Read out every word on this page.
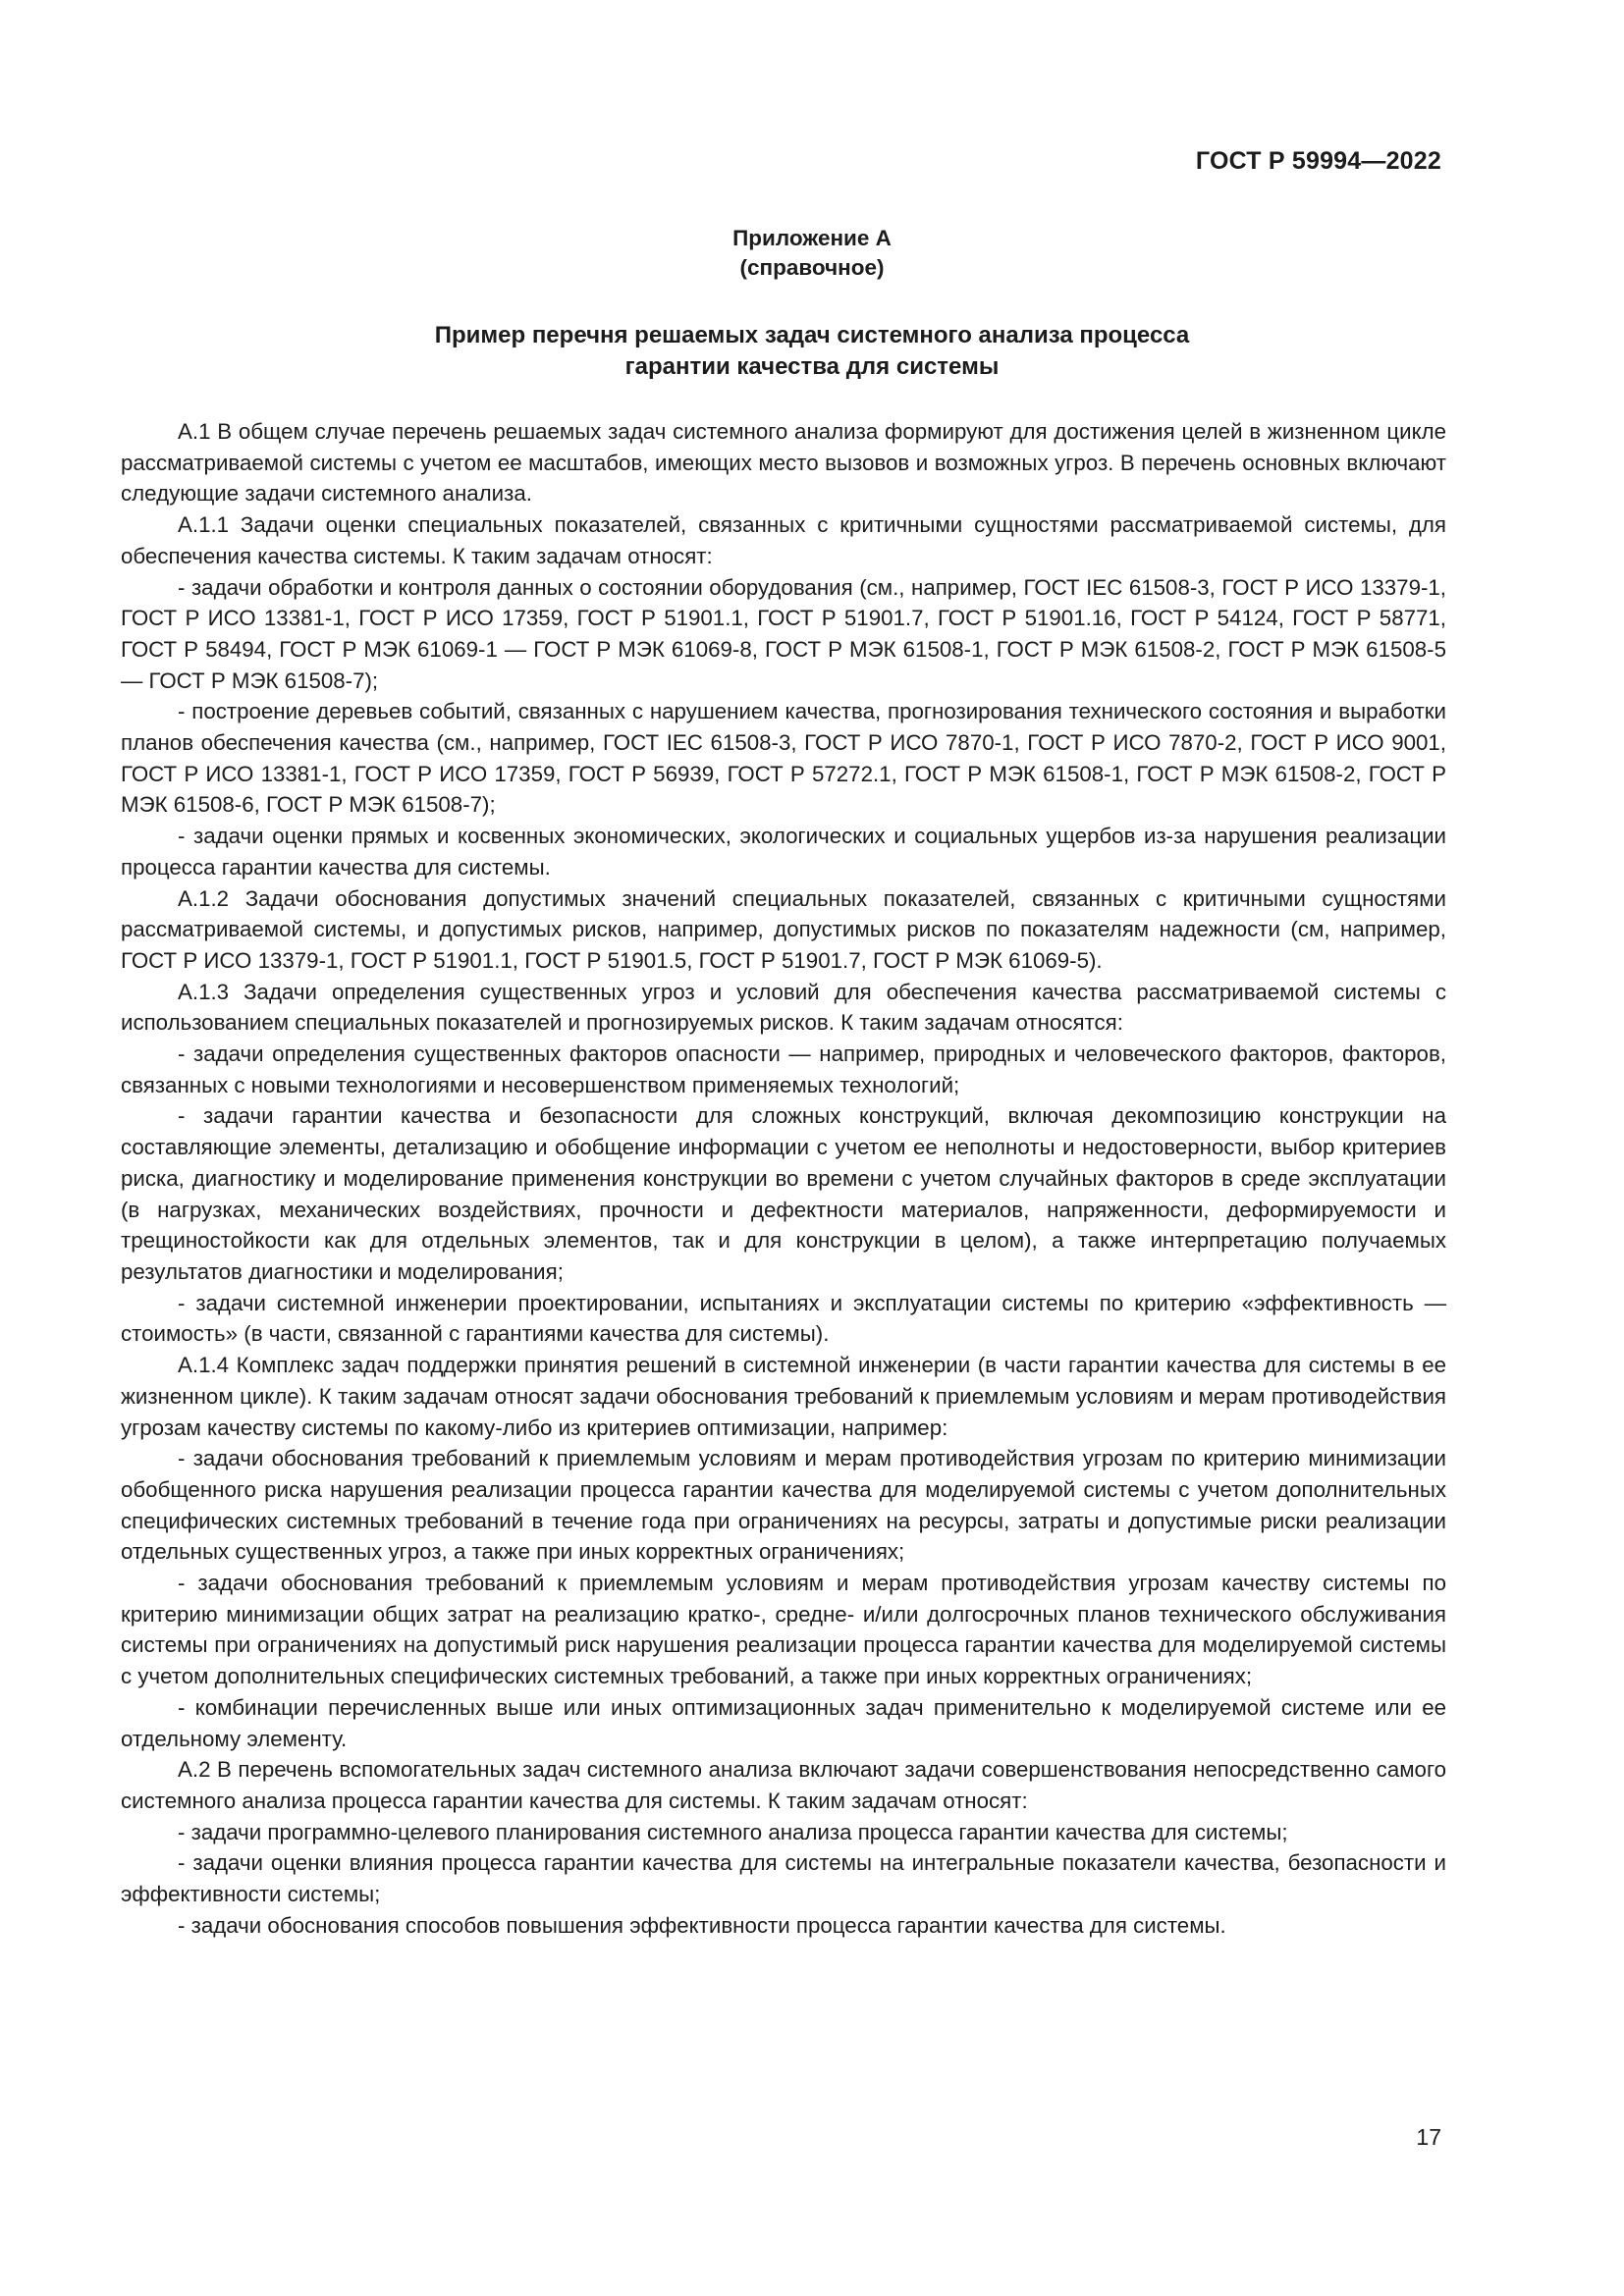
ГОСТ Р 59994—2022
Приложение А
(справочное)
Пример перечня решаемых задач системного анализа процесса
гарантии качества для системы

А.1 В общем случае перечень решаемых задач системного анализа формируют для достижения целей в жизненном цикле рассматриваемой системы с учетом ее масштабов, имеющих место вызовов и возможных угроз. В перечень основных включают следующие задачи системного анализа.

А.1.1 Задачи оценки специальных показателей, связанных с критичными сущностями рассматриваемой системы, для обеспечения качества системы. К таким задачам относят:

- задачи обработки и контроля данных о состоянии оборудования (см., например, ГОСТ IEC 61508-3, ГОСТ Р ИСО 13379-1, ГОСТ Р ИСО 13381-1, ГОСТ Р ИСО 17359, ГОСТ Р 51901.1, ГОСТ Р 51901.7, ГОСТ Р 51901.16, ГОСТ Р 54124, ГОСТ Р 58771, ГОСТ Р 58494, ГОСТ Р МЭК 61069-1 — ГОСТ Р МЭК 61069-8, ГОСТ Р МЭК 61508-1, ГОСТ Р МЭК 61508-2, ГОСТ Р МЭК 61508-5 — ГОСТ Р МЭК 61508-7);

- построение деревьев событий, связанных с нарушением качества, прогнозирования технического состояния и выработки планов обеспечения качества (см., например, ГОСТ IEC 61508-3, ГОСТ Р ИСО 7870-1, ГОСТ Р ИСО 7870-2, ГОСТ Р ИСО 9001, ГОСТ Р ИСО 13381-1, ГОСТ Р ИСО 17359, ГОСТ Р 56939, ГОСТ Р 57272.1, ГОСТ Р МЭК 61508-1, ГОСТ Р МЭК 61508-2, ГОСТ Р МЭК 61508-6, ГОСТ Р МЭК 61508-7);

- задачи оценки прямых и косвенных экономических, экологических и социальных ущербов из-за нарушения реализации процесса гарантии качества для системы.

А.1.2 Задачи обоснования допустимых значений специальных показателей, связанных с критичными сущностями рассматриваемой системы, и допустимых рисков, например, допустимых рисков по показателям надежности (см, например, ГОСТ Р ИСО 13379-1, ГОСТ Р 51901.1, ГОСТ Р 51901.5, ГОСТ Р 51901.7, ГОСТ Р МЭК 61069-5).

А.1.3 Задачи определения существенных угроз и условий для обеспечения качества рассматриваемой системы с использованием специальных показателей и прогнозируемых рисков. К таким задачам относятся:

- задачи определения существенных факторов опасности — например, природных и человеческого факторов, факторов, связанных с новыми технологиями и несовершенством применяемых технологий;

- задачи гарантии качества и безопасности для сложных конструкций, включая декомпозицию конструкции на составляющие элементы, детализацию и обобщение информации с учетом ее неполноты и недостоверности, выбор критериев риска, диагностику и моделирование применения конструкции во времени с учетом случайных факторов в среде эксплуатации (в нагрузках, механических воздействиях, прочности и дефектности материалов, напряженности, деформируемости и трещиностойкости как для отдельных элементов, так и для конструкции в целом), а также интерпретацию получаемых результатов диагностики и моделирования;

- задачи системной инженерии проектировании, испытаниях и эксплуатации системы по критерию «эффективность — стоимость» (в части, связанной с гарантиями качества для системы).

А.1.4 Комплекс задач поддержки принятия решений в системной инженерии (в части гарантии качества для системы в ее жизненном цикле). К таким задачам относят задачи обоснования требований к приемлемым условиям и мерам противодействия угрозам качеству системы по какому-либо из критериев оптимизации, например:

- задачи обоснования требований к приемлемым условиям и мерам противодействия угрозам по критерию минимизации обобщенного риска нарушения реализации процесса гарантии качества для моделируемой системы с учетом дополнительных специфических системных требований в течение года при ограничениях на ресурсы, затраты и допустимые риски реализации отдельных существенных угроз, а также при иных корректных ограничениях;

- задачи обоснования требований к приемлемым условиям и мерам противодействия угрозам качеству системы по критерию минимизации общих затрат на реализацию кратко-, средне- и/или долгосрочных планов технического обслуживания системы при ограничениях на допустимый риск нарушения реализации процесса гарантии качества для моделируемой системы с учетом дополнительных специфических системных требований, а также при иных корректных ограничениях;

- комбинации перечисленных выше или иных оптимизационных задач применительно к моделируемой системе или ее отдельному элементу.

А.2 В перечень вспомогательных задач системного анализа включают задачи совершенствования непосредственно самого системного анализа процесса гарантии качества для системы. К таким задачам относят:

- задачи программно-целевого планирования системного анализа процесса гарантии качества для системы;

- задачи оценки влияния процесса гарантии качества для системы на интегральные показатели качества, безопасности и эффективности системы;

- задачи обоснования способов повышения эффективности процесса гарантии качества для системы.

17
